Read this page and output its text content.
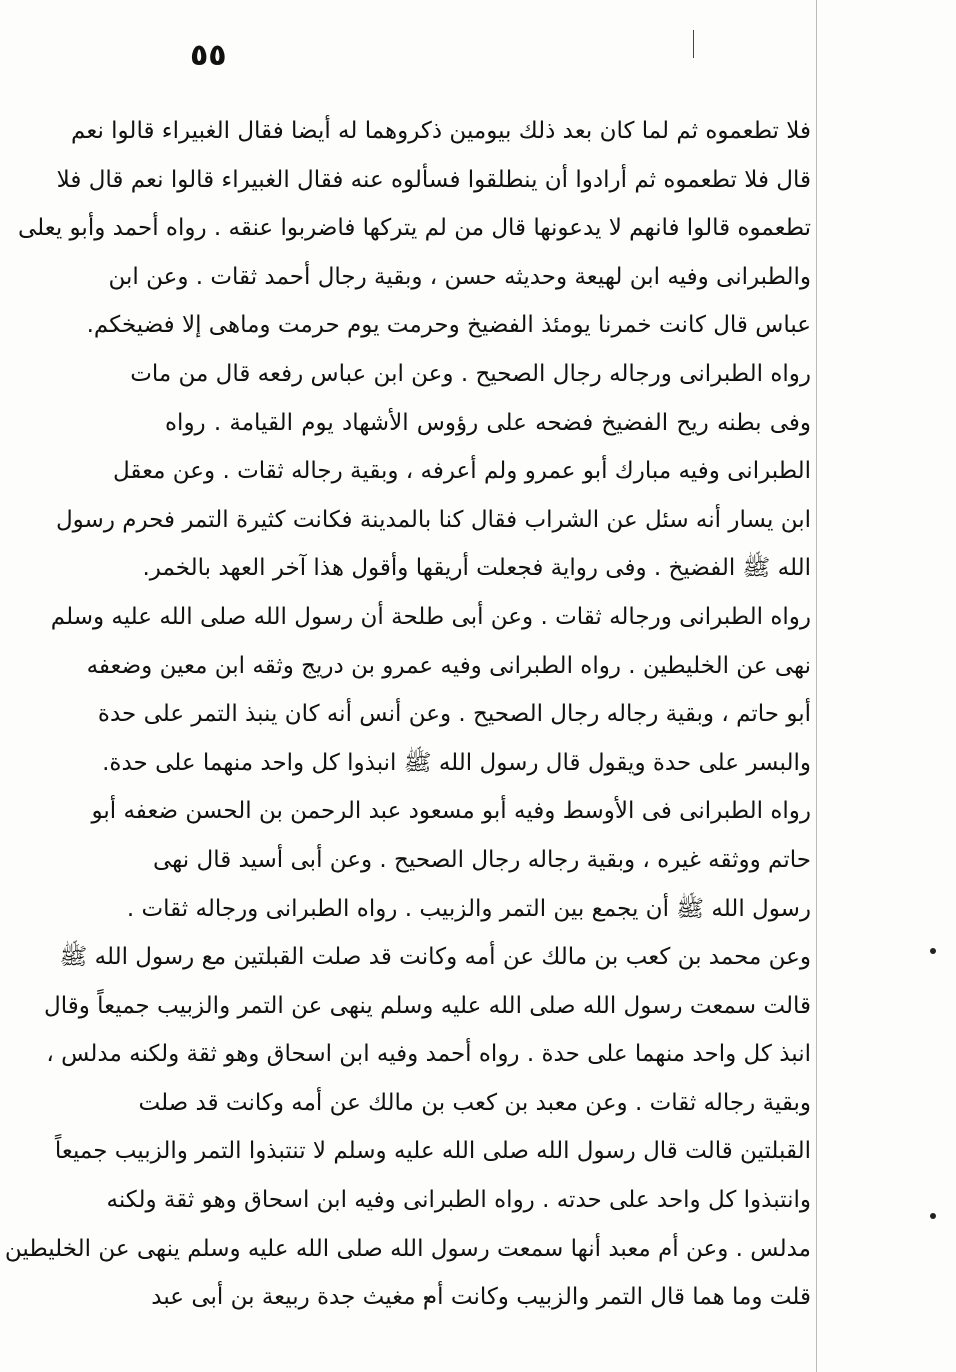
٥٥
فلا تطعموه ثم لما كان بعد ذلك بيومين ذكروهما له أيضا فقال الغبيراء قالوا نعم
قال فلا تطعموه ثم أرادوا أن ينطلقوا فسألوه عنه فقال الغبيراء قالوا نعم قال فلا
تطعموه قالوا فانهم لا يدعونها قال من لم يتركها فاضربوا عنقه . رواه أحمد وأبو يعلى
والطبرانى وفيه ابن لهيعة وحديثه حسن ، وبقية رجال أحمد ثقات . وعن ابن
عباس قال كانت خمرنا يومئذ الفضيخ وحرمت يوم حرمت وماهى إلا فضيخكم.
رواه الطبرانى ورجاله رجال الصحيح . وعن ابن عباس رفعه قال من مات
وفى بطنه ريح الفضيخ فضحه على رؤوس الأشهاد يوم القيامة . رواه
الطبرانى وفيه مبارك أبو عمرو ولم أعرفه ، وبقية رجاله ثقات . وعن معقل
ابن يسار أنه سئل عن الشراب فقال كنا بالمدينة فكانت كثيرة التمر فحرم رسول
الله ﷺ الفضيخ . وفى رواية فجعلت أريقها وأقول هذا آخر العهد بالخمر.
رواه الطبرانى ورجاله ثقات . وعن أبى طلحة أن رسول الله صلى الله عليه وسلم
نهى عن الخليطين . رواه الطبرانى وفيه عمرو بن دريج وثقه ابن معين وضعفه
أبو حاتم ، وبقية رجاله رجال الصحيح . وعن أنس أنه كان ينبذ التمر على حدة
والبسر على حدة ويقول قال رسول الله ﷺ انبذوا كل واحد منهما على حدة.
رواه الطبرانى فى الأوسط وفيه أبو مسعود عبد الرحمن بن الحسن ضعفه أبو
حاتم ووثقه غيره ، وبقية رجاله رجال الصحيح . وعن أبى أسيد قال نهى
رسول الله ﷺ أن يجمع بين التمر والزبيب . رواه الطبرانى ورجاله ثقات .
وعن محمد بن كعب بن مالك عن أمه وكانت قد صلت القبلتين مع رسول الله ﷺ
قالت سمعت رسول الله صلى الله عليه وسلم ينهى عن التمر والزبيب جميعاً وقال
انبذ كل واحد منهما على حدة . رواه أحمد وفيه ابن اسحاق وهو ثقة ولكنه مدلس ،
وبقية رجاله ثقات . وعن معبد بن كعب بن مالك عن أمه وكانت قد صلت
القبلتين قالت قال رسول الله صلى الله عليه وسلم لا تنتبذوا التمر والزبيب جميعاً
وانتبذوا كل واحد على حدته . رواه الطبرانى وفيه ابن اسحاق وهو ثقة ولكنه
مدلس . وعن أم معبد أنها سمعت رسول الله صلى الله عليه وسلم ينهى عن الخليطين
قلت وما هما قال التمر والزبيب وكانت أم مغيث جدة ربيعة بن أبى عبد
